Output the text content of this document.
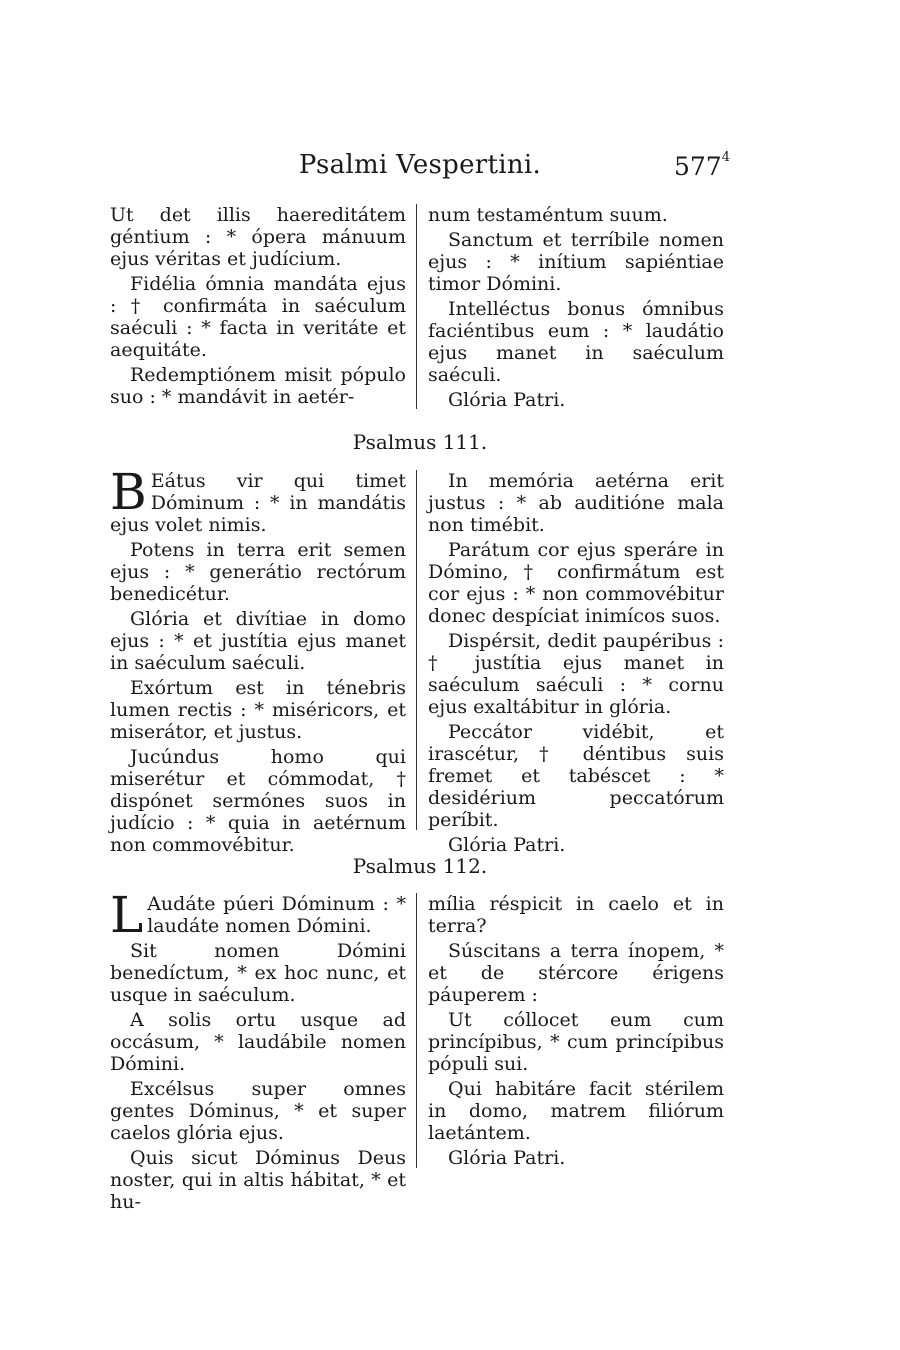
Psalmi Vespertini.	$577^4$

Ut det illis haereditátem géntium : * ópera mánuum ejus véritas et judícium.

Fidélia ómnia mandáta ejus : † confirmáta in saéculum saéculi : * facta in veritáte et aequitáte.

Redemptiónem misit pópulo suo : * mandávit in aetér-

num testaméntum suum.

Sanctum et terríbile nomen ejus : * inítium sapiéntiae timor Dómini.

Intelléctus bonus ómnibus faciéntibus eum : * laudátio ejus manet in saéculum saéculi.

Glória Patri.

Psalmus 111.

B Eátus vir qui timet Dóminum : * in mandátis ejus volet nimis.

Potens in terra erit semen ejus : * generátio rectórum benedicétur.

Glória et divítiae in domo ejus : * et justítia ejus manet in saéculum saéculi.

Exórtum est in ténebris lumen rectis : * miséricors, et miserátor, et justus.

Jucúndus homo qui miserétur et cómmodat, † dispónet sermónes suos in judício : * quia in aetérnum non commovébitur.

In memória aetérna erit justus : * ab auditióne mala non timébit.

Parátum cor ejus speráre in Dómino, † confirmátum est cor ejus : * non commovébitur donec despíciat inimícos suos.

Dispérsit, dedit paupéribus : † justítia ejus manet in saéculum saéculi : * cornu ejus exaltábitur in glória.

Peccátor vidébit, et irascétur, † déntibus suis fremet et tabéscet : * desidérium peccatórum períbit.

Glória Patri.

Psalmus 112.

L Audáte púeri Dóminum : * laudáte nomen Dómini.

Sit nomen Dómini benedíctum, * ex hoc nunc, et usque in saéculum.

A solis ortu usque ad occásum, * laudábile nomen Dómini.

Excélsus super omnes gentes Dóminus, * et super caelos glória ejus.

Quis sicut Dóminus Deus noster, qui in altis hábitat, * et hu-

mília réspicit in caelo et in terra?

Súscitans a terra ínopem, * et de stércore érigens páuperem :

Ut cóllocet eum cum princípibus, * cum princípibus pópuli sui.

Qui habitáre facit stérilem in domo, matrem filiórum laetántem.

Glória Patri.
